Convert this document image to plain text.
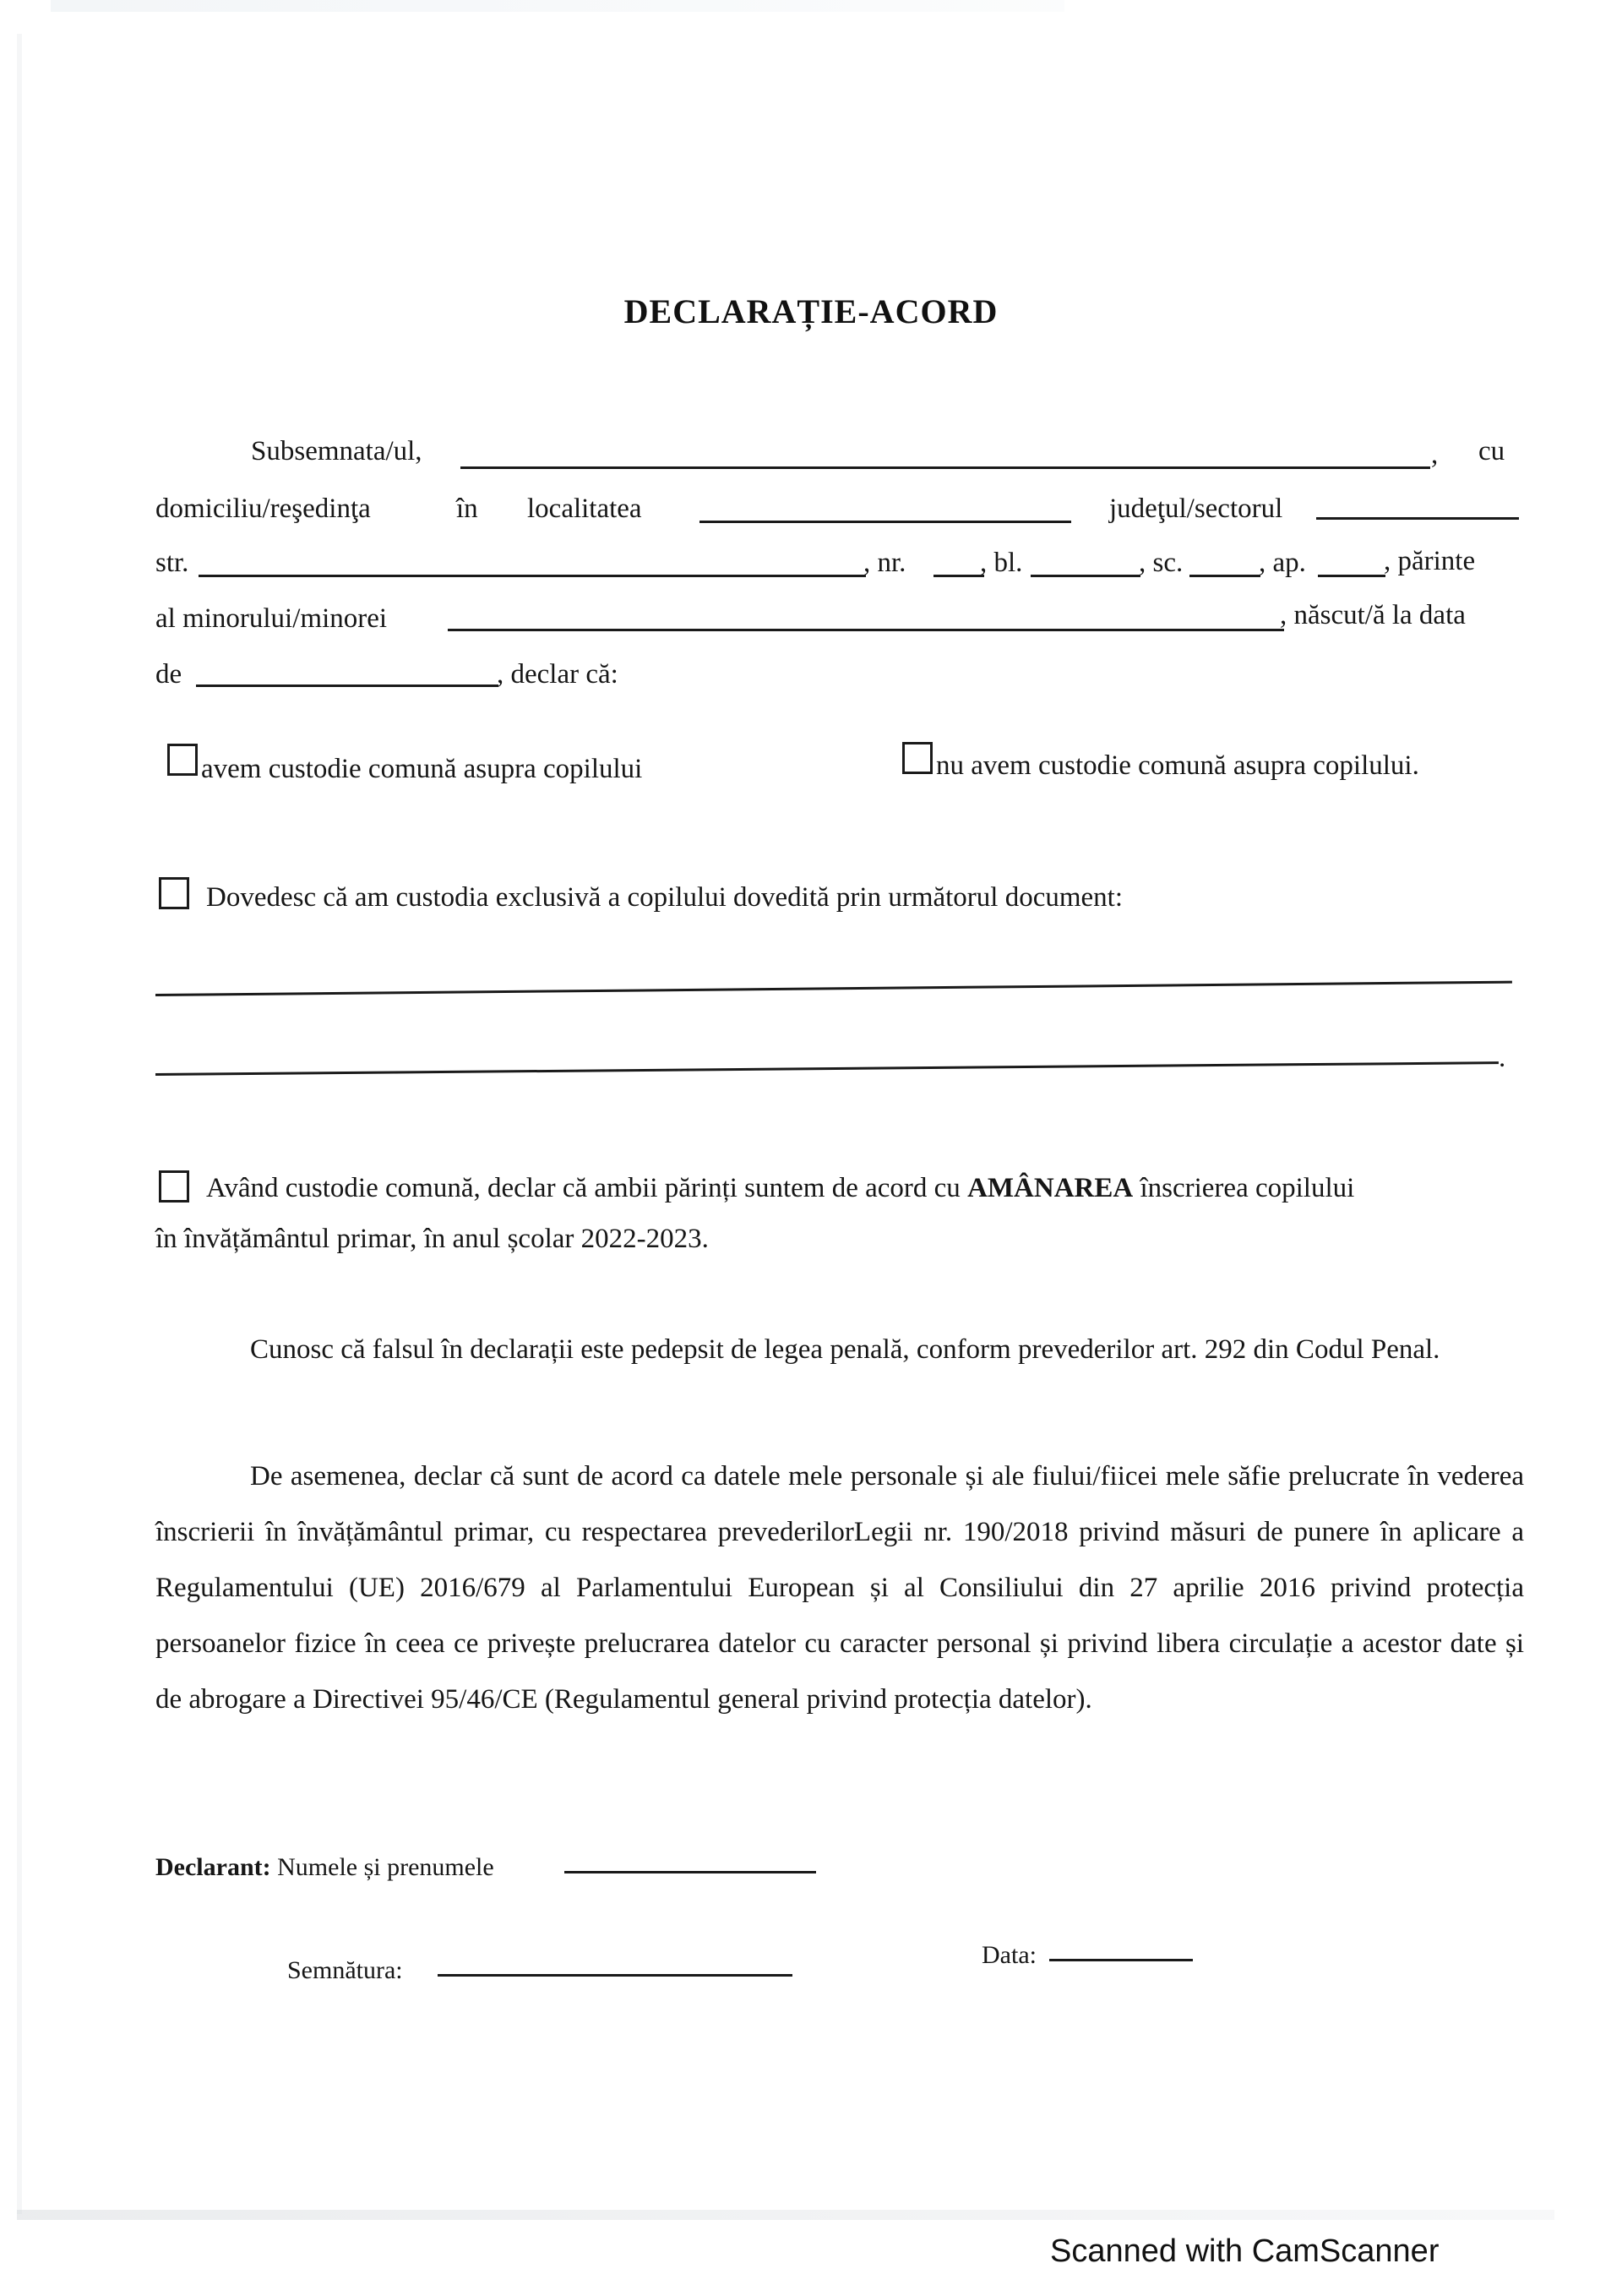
DECLARAȚIE-ACORD
Subsemnata/ul,	, cu
domiciliu/reşedinţa	în localitatea	judeţul/sectorul
str.	, nr.	, bl.	, sc.	, ap.	, părinte
al minorului/minorei	, născut/ă la data
de	, declar că:
avem custodie comună asupra copilului	nu avem custodie comună asupra copilului.
Dovedesc că am custodia exclusivă a copilului dovedită prin următorul document:
.
Având custodie comună, declar că ambii părinți suntem de acord cu AMÂNAREA înscrierea copilului
în învățământul primar, în anul școlar 2022-2023.
Cunosc că falsul în declarații este pedepsit de legea penală, conform prevederilor art. 292 din Codul Penal.
De asemenea, declar că sunt de acord ca datele mele personale și ale fiului/fiicei mele săfie prelucrate în vederea înscrierii în învățământul primar, cu respectarea prevederilorLegii nr. 190/2018 privind măsuri de punere în aplicare a Regulamentului (UE) 2016/679 al Parlamentului European și al Consiliului din 27 aprilie 2016 privind protecția persoanelor fizice în ceea ce privește prelucrarea datelor cu caracter personal și privind libera circulație a acestor date și de abrogare a Directivei 95/46/CE (Regulamentul general privind protecția datelor).
Declarant: Numele și prenumele
Semnătura:
Data:
Scanned with CamScanner
